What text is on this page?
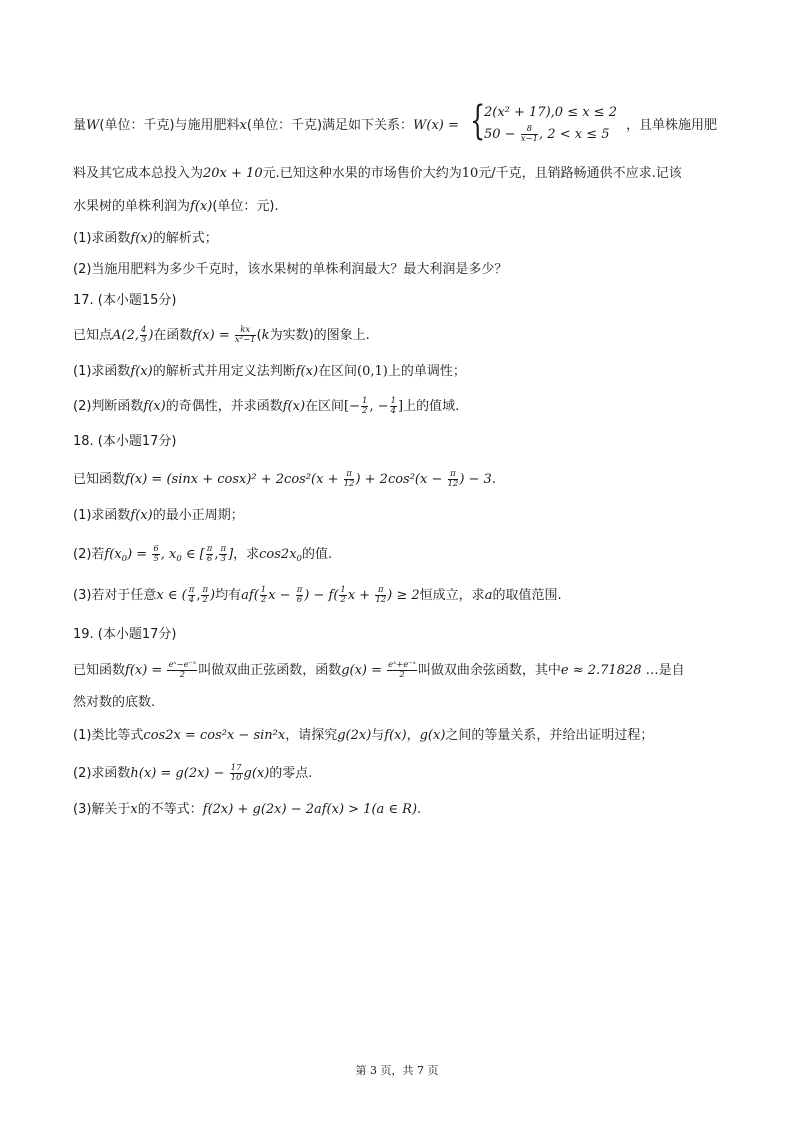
量W(单位：千克)与施用肥料x(单位：千克)满足如下关系：W(x) = {
2(x² + 17),0 ≤ x ≤ 2
$50 - \frac{8}{x-1}$ , 2 < x ≤ 5
，且单株施用肥
料及其它成本总投入为20x + 10元.已知这种水果的市场售价大约为10元/千克，且销路畅通供不应求.记该
水果树的单株利润为f(x)(单位：元).
(1)求函数f(x)的解析式；
(2)当施用肥料为多少千克时，该水果树的单株利润最大？最大利润是多少？
17. (本小题15分)
已知点A(2, $\frac{4}{3}$ )在函数$f(x) = \frac{kx}{\text{x²−1}} (k$为实数)的图象上.
(1)求函数f(x)的解析式并用定义法判断f(x)在区间(0,1)上的单调性；
(2)判断函数f(x)的奇偶性，并求函数f(x)在区间[− $\frac{1}{2}$ , − $\frac{1}{4}$ ]上的值域.
18. (本小题17分)
已知函数$f(x) = (\sin x + \cos x)^2 + 2\cos^2(x + \frac{\pi}{12}$ ) + $2\cos^2(x - \frac{\pi}{12}$ ) − 3.
(1)求函数f(x)的最小正周期；
(2)若$f(x_0) = \frac{6}{5}$ , $x_0$ ∈ [ $\frac{\pi}{6}$ , $\frac{\pi}{3}$ ]，求$\cos 2x_0$的值.
(3)若对于任意x ∈ ( $\frac{\pi}{4}$ , $\frac{\pi}{2}$ )均有$af( \frac{1}{2}$ $x - \frac{\pi}{6}$ ) − $f( \frac{1}{2}$ $x + \frac{\pi}{12}$ ) ≥ 2恒成立，求a的取值范围.
19. (本小题17分)
已知函数$f(x) = \frac{\text{eˣ−e⁻ˣ}}{2}$ 叫做双曲正弦函数，函数$g(x) = \frac{\text{eˣ+e⁻ˣ}}{2}$ 叫做双曲余弦函数，其中e ≈ 2.71828 …是自
然对数的底数.
(1)类比等式cos2x = cos²x − sin²x，请探究g(2x)与f(x)，g(x)之间的等量关系，并给出证明过程；
(2)求函数$h(x) = g(2x) - \frac{17}{10} g(x)$的零点.
(3)解关于x的不等式：f(2x) + g(2x) − 2af(x) > 1(a ∈ R).
第 3 页，共 7 页
